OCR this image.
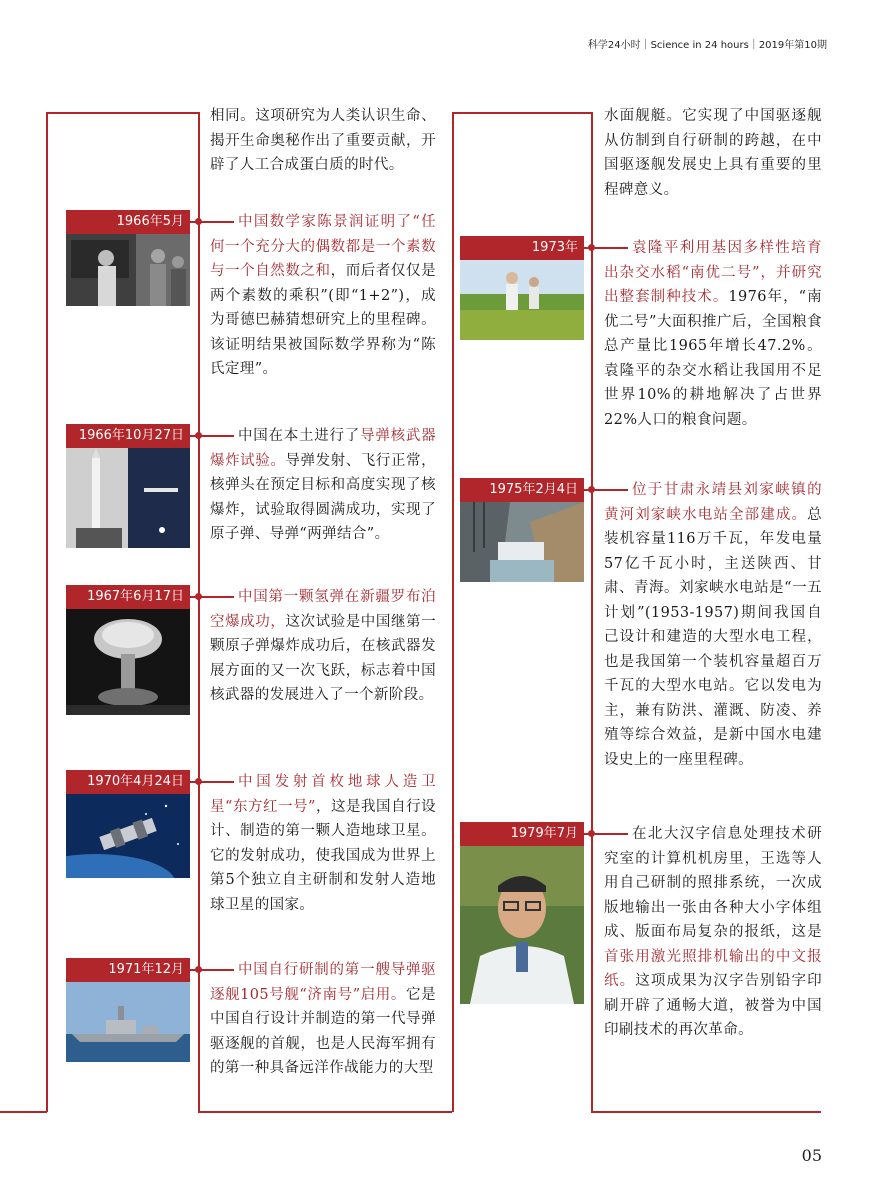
科学24小时｜Science in 24 hours｜2019年第10期
相同。这项研究为人类认识生命、揭开生命奥秘作出了重要贡献，开辟了人工合成蛋白质的时代。
1966年5月	中国数学家陈景润证明了“任何一个充分大的偶数都是一个素数与一个自然数之和，而后者仅仅是两个素数的乘积”(即“1+2”)，成为哥德巴赫猜想研究上的里程碑。该证明结果被国际数学界称为“陈氏定理”。
1966年10月27日	中国在本土进行了导弹核武器爆炸试验。导弹发射、飞行正常，核弹头在预定目标和高度实现了核爆炸，试验取得圆满成功，实现了原子弹、导弹“两弹结合”。
1967年6月17日	中国第一颗氢弹在新疆罗布泊空爆成功，这次试验是中国继第一颗原子弹爆炸成功后，在核武器发展方面的又一次飞跃，标志着中国核武器的发展进入了一个新阶段。
1970年4月24日	中国发射首枚地球人造卫星“东方红一号”，这是我国自行设计、制造的第一颗人造地球卫星。它的发射成功，使我国成为世界上第5个独立自主研制和发射人造地球卫星的国家。
1971年12月	中国自行研制的第一艘导弹驱逐舰105号舰“济南号”启用。它是中国自行设计并制造的第一代导弹驱逐舰的首舰，也是人民海军拥有的第一种具备远洋作战能力的大型
水面舰艇。它实现了中国驱逐舰从仿制到自行研制的跨越，在中国驱逐舰发展史上具有重要的里程碑意义。
1973年	袁隆平利用基因多样性培育出杂交水稻“南优二号”，并研究出整套制种技术。1976年，“南优二号”大面积推广后，全国粮食总产量比1965年增长47.2%。袁隆平的杂交水稻让我国用不足世界10%的耕地解决了占世界22%人口的粮食问题。
1975年2月4日	位于甘肃永靖县刘家峡镇的黄河刘家峡水电站全部建成。总装机容量116万千瓦，年发电量57亿千瓦小时，主送陕西、甘肃、青海。刘家峡水电站是“一五计划”(1953-1957)期间我国自己设计和建造的大型水电工程，也是我国第一个装机容量超百万千瓦的大型水电站。它以发电为主，兼有防洪、灌溉、防凌、养殖等综合效益，是新中国水电建设史上的一座里程碑。
1979年7月	在北大汉字信息处理技术研究室的计算机机房里，王选等人用自己研制的照排系统，一次成版地输出一张由各种大小字体组成、版面布局复杂的报纸，这是首张用激光照排机输出的中文报纸。这项成果为汉字告别铅字印刷开辟了通畅大道，被誉为中国印刷技术的再次革命。
05
